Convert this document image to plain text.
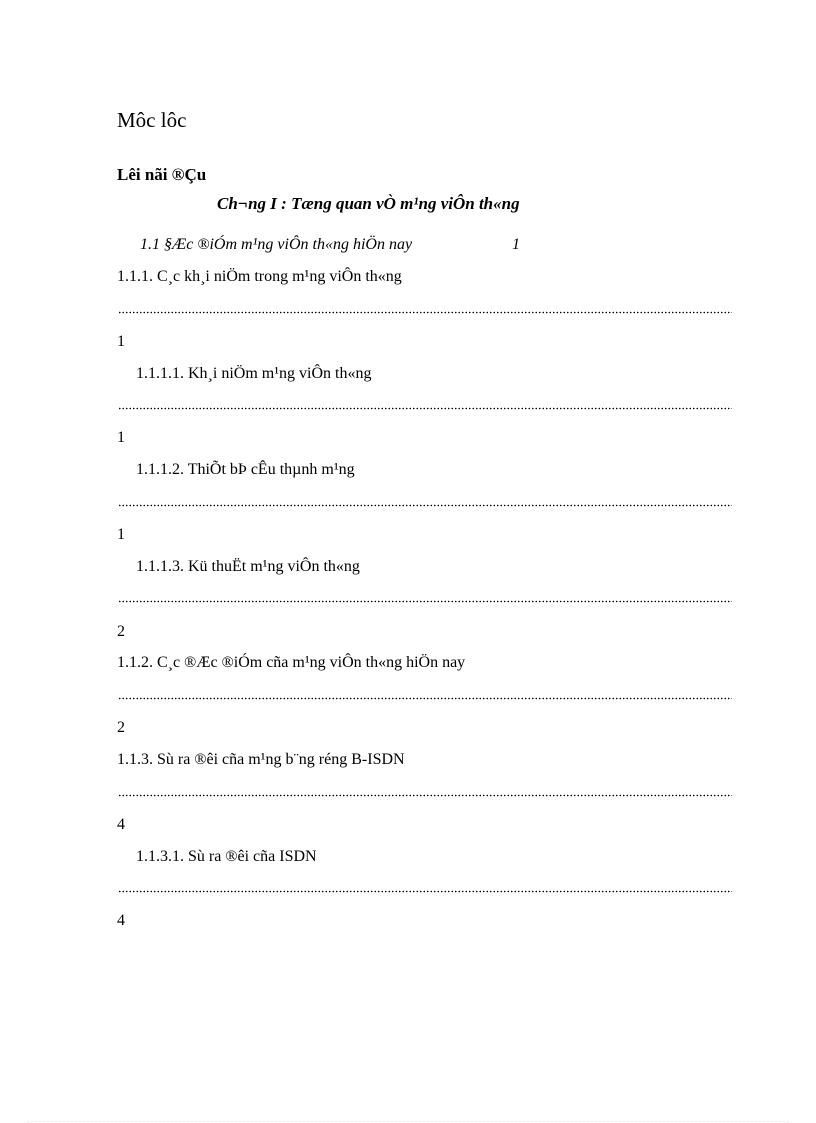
Môc lôc
Lêi nãi ®Çu
Ch¬ng I : Tæng quan vÒ m¹ng viÔn th«ng
1.1 §Æc ®iÓm m¹ng viÔn th«ng hiÖn nay	1
1.1.1. C¸c kh¸i niÖm trong m¹ng viÔn th«ng
1
1.1.1.1. Kh¸i niÖm m¹ng viÔn th«ng
1
1.1.1.2. ThiÕt bÞ cÊu thµnh m¹ng
1
1.1.1.3. Kü thuËt m¹ng viÔn th«ng
2
1.1.2. C¸c ®Æc ®iÓm cña m¹ng viÔn th«ng hiÖn nay
2
1.1.3. Sù ra ®êi cña m¹ng b¨ng réng B-ISDN
4
1.1.3.1. Sù ra ®êi cña ISDN
4
